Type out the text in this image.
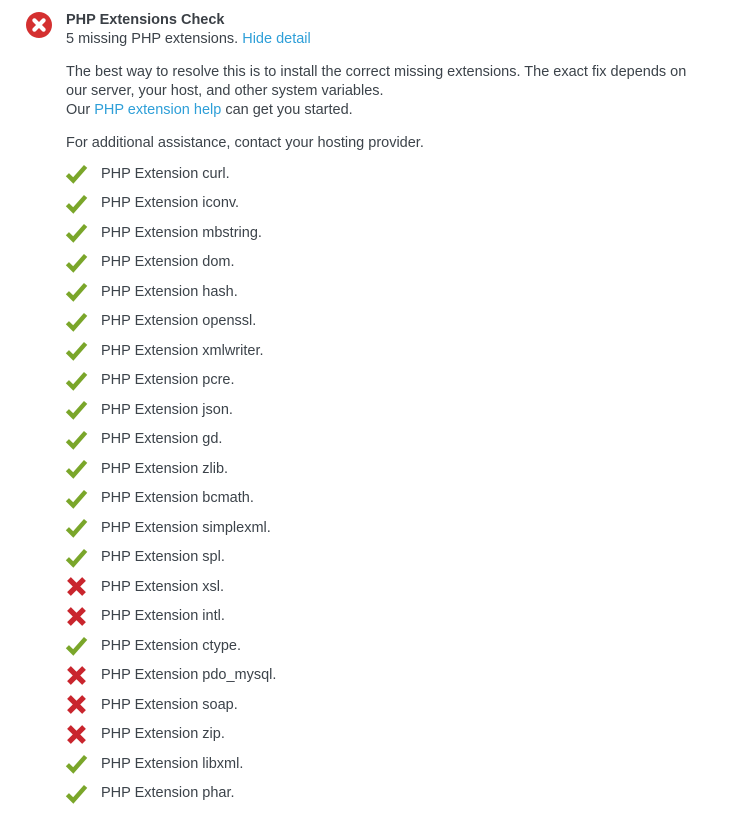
PHP Extensions Check
5 missing PHP extensions. Hide detail

The best way to resolve this is to install the correct missing extensions. The exact fix depends on
our server, your host, and other system variables.
Our PHP extension help can get you started.

For additional assistance, contact your hosting provider.

PHP Extension curl.
PHP Extension iconv.
PHP Extension mbstring.
PHP Extension dom.
PHP Extension hash.
PHP Extension openssl.
PHP Extension xmlwriter.
PHP Extension pcre.
PHP Extension json.
PHP Extension gd.
PHP Extension zlib.
PHP Extension bcmath.
PHP Extension simplexml.
PHP Extension spl.
PHP Extension xsl.
PHP Extension intl.
PHP Extension ctype.
PHP Extension pdo_mysql.
PHP Extension soap.
PHP Extension zip.
PHP Extension libxml.
PHP Extension phar.
